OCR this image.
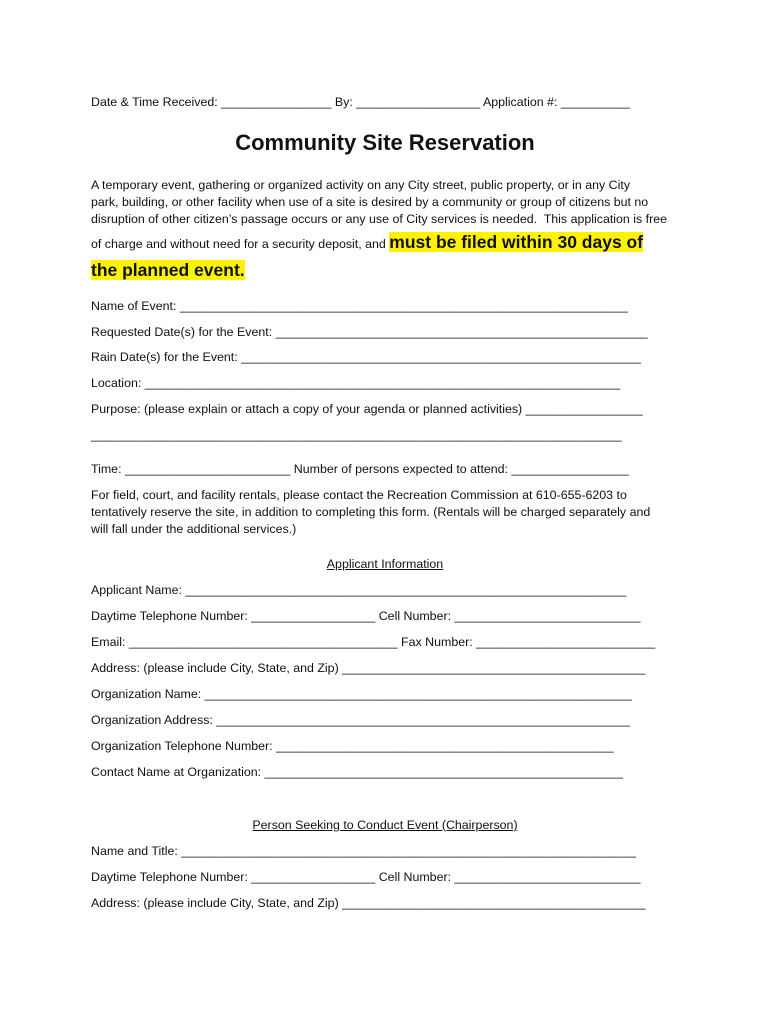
Date & Time Received: ________________ By: __________________ Application #: __________
Community Site Reservation

A temporary event, gathering or organized activity on any City street, public property, or in any City

park, building, or other facility when use of a site is desired by a community or group of citizens but no

disruption of other citizen’s passage occurs or any use of City services is needed.  This application is free

of charge and without need for a security deposit, and must be filed within 30 days of

the planned event.

Name of Event: _________________________________________________________________
Requested Date(s) for the Event: ______________________________________________________
Rain Date(s) for the Event: __________________________________________________________
Location: _____________________________________________________________________
Purpose: (please explain or attach a copy of your agenda or planned activities) _________________
_____________________________________________________________________________
Time: ________________________ Number of persons expected to attend: _________________

For field, court, and facility rentals, please contact the Recreation Commission at 610-655-6203 to

tentatively reserve the site, in addition to completing this form. (Rentals will be charged separately and

will fall under the additional services.)

Applicant Information
Applicant Name: ________________________________________________________________
Daytime Telephone Number: __________________ Cell Number: ___________________________
Email: _______________________________________ Fax Number: __________________________
Address: (please include City, State, and Zip) ____________________________________________
Organization Name: ______________________________________________________________
Organization Address: ____________________________________________________________
Organization Telephone Number: _________________________________________________
Contact Name at Organization: ____________________________________________________
Person Seeking to Conduct Event (Chairperson)
Name and Title: __________________________________________________________________
Daytime Telephone Number: __________________ Cell Number: ___________________________
Address: (please include City, State, and Zip) ____________________________________________
